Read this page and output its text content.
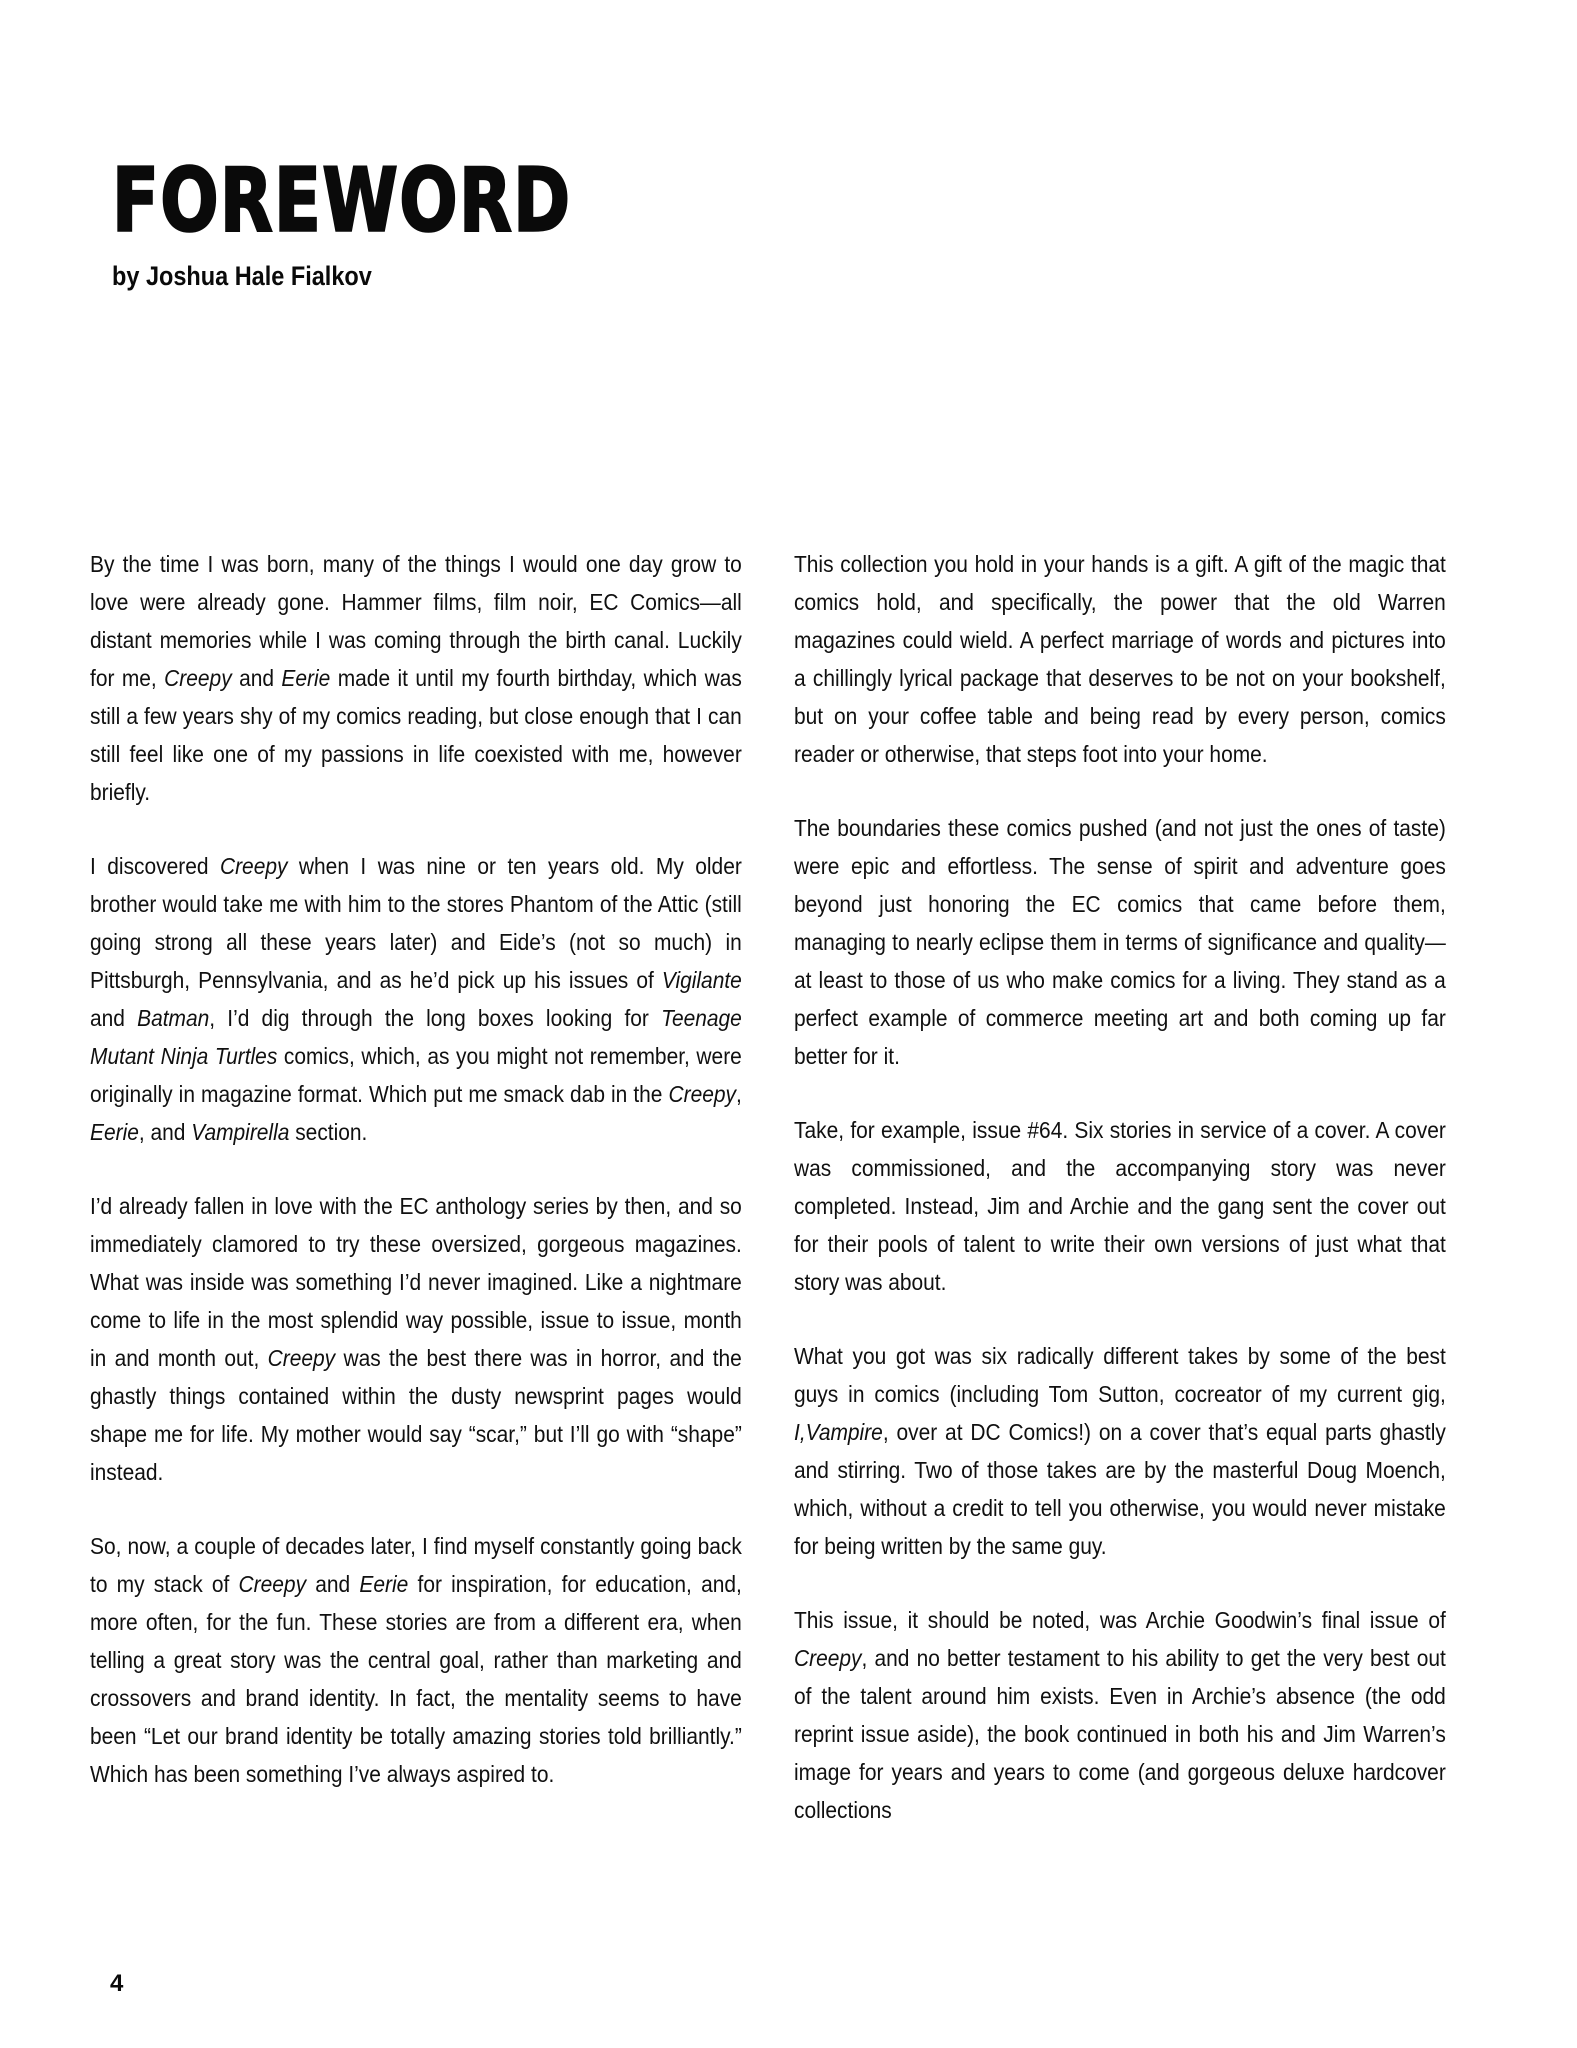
FOREWORD

by Joshua Hale Fialkov

By the time I was born, many of the things I would one day grow to love were already gone. Hammer films, film noir, EC Comics—all distant memories while I was coming through the birth canal. Luckily for me, Creepy and Eerie made it until my fourth birthday, which was still a few years shy of my comics reading, but close enough that I can still feel like one of my passions in life coexisted with me, however briefly.

I discovered Creepy when I was nine or ten years old. My older brother would take me with him to the stores Phantom of the Attic (still going strong all these years later) and Eide’s (not so much) in Pittsburgh, Pennsylvania, and as he’d pick up his issues of Vigilante and Batman, I’d dig through the long boxes looking for Teenage Mutant Ninja Turtles comics, which, as you might not remember, were originally in magazine format. Which put me smack dab in the Creepy, Eerie, and Vampirella section.

I’d already fallen in love with the EC anthology series by then, and so immediately clamored to try these oversized, gorgeous magazines. What was inside was something I’d never imagined. Like a nightmare come to life in the most splendid way possible, issue to issue, month in and month out, Creepy was the best there was in horror, and the ghastly things contained within the dusty newsprint pages would shape me for life. My mother would say “scar,” but I’ll go with “shape” instead.

So, now, a couple of decades later, I find myself constantly going back to my stack of Creepy and Eerie for inspiration, for education, and, more often, for the fun. These stories are from a different era, when telling a great story was the central goal, rather than marketing and crossovers and brand identity. In fact, the mentality seems to have been “Let our brand identity be totally amazing stories told brilliantly.” Which has been something I’ve always aspired to.

This collection you hold in your hands is a gift. A gift of the magic that comics hold, and specifically, the power that the old Warren magazines could wield. A perfect marriage of words and pictures into a chillingly lyrical package that deserves to be not on your bookshelf, but on your coffee table and being read by every person, comics reader or otherwise, that steps foot into your home.

The boundaries these comics pushed (and not just the ones of taste) were epic and effortless. The sense of spirit and adventure goes beyond just honoring the EC comics that came before them, managing to nearly eclipse them in terms of significance and quality—at least to those of us who make comics for a living. They stand as a perfect example of commerce meeting art and both coming up far better for it.

Take, for example, issue #64. Six stories in service of a cover. A cover was commissioned, and the accompanying story was never completed. Instead, Jim and Archie and the gang sent the cover out for their pools of talent to write their own versions of just what that story was about.

What you got was six radically different takes by some of the best guys in comics (including Tom Sutton, cocreator of my current gig, I,Vampire, over at DC Comics!) on a cover that’s equal parts ghastly and stirring. Two of those takes are by the masterful Doug Moench, which, without a credit to tell you otherwise, you would never mistake for being written by the same guy.

This issue, it should be noted, was Archie Goodwin’s final issue of Creepy, and no better testament to his ability to get the very best out of the talent around him exists. Even in Archie’s absence (the odd reprint issue aside), the book continued in both his and Jim Warren’s image for years and years to come (and gorgeous deluxe hardcover collections

4
